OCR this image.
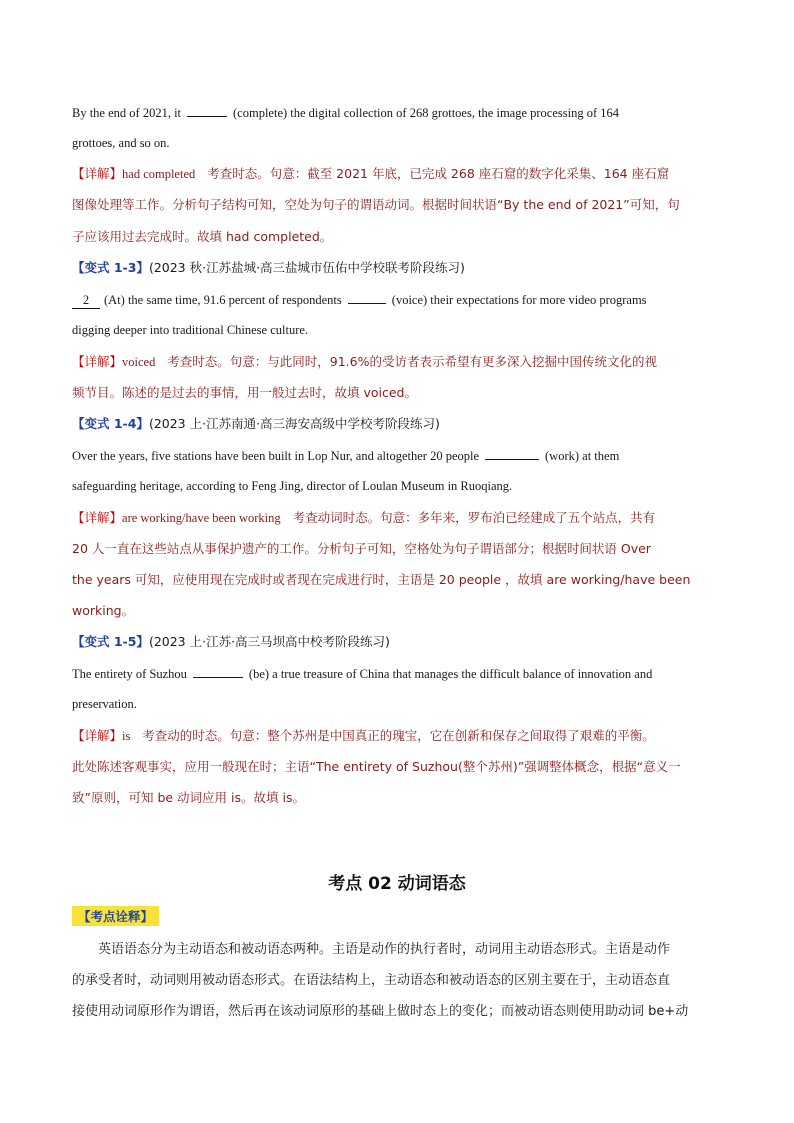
By the end of 2021, it	(complete) the digital collection of 268 grottoes, the image processing of 164
grottoes, and so on.
【详解】had completed 考查时态。句意：截至 2021 年底，已完成 268 座石窟的数字化采集、164 座石窟
图像处理等工作。分析句子结构可知，空处为句子的谓语动词。根据时间状语“By the end of 2021”可知，句
子应该用过去完成时。故填 had completed。
【变式 1-3】(2023 秋·江苏盐城·高三盐城市伍佑中学校联考阶段练习)
2 (At) the same time, 91.6 percent of respondents	(voice) their expectations for more video programs
digging deeper into traditional Chinese culture.
【详解】voiced 考查时态。句意：与此同时，91.6%的受访者表示希望有更多深入挖掘中国传统文化的视
频节目。陈述的是过去的事情，用一般过去时，故填 voiced。
【变式 1-4】(2023 上·江苏南通·高三海安高级中学校考阶段练习)
Over the years, five stations have been built in Lop Nur, and altogether 20 people	(work) at them
safeguarding heritage, according to Feng Jing, director of Loulan Museum in Ruoqiang.
【详解】are working/have been working 考查动词时态。句意：多年来，罗布泊已经建成了五个站点，共有
20 人一直在这些站点从事保护遗产的工作。分析句子可知，空格处为句子谓语部分；根据时间状语 Over
the years 可知，应使用现在完成时或者现在完成进行时，主语是 20 people ，故填 are working/have been
working。
【变式 1-5】(2023 上·江苏·高三马坝高中校考阶段练习)
The entirety of Suzhou	(be) a true treasure of China that manages the difficult balance of innovation and
preservation.
【详解】is 考查动的时态。句意：整个苏州是中国真正的瑰宝，它在创新和保存之间取得了艰难的平衡。
此处陈述客观事实，应用一般现在时；主语“The entirety of Suzhou(整个苏州)”强调整体概念，根据“意义一
致”原则，可知 be 动词应用 is。故填 is。
考点 02 动词语态
【考点诠释】
英语语态分为主动语态和被动语态两种。主语是动作的执行者时，动词用主动语态形式。主语是动作
的承受者时，动词则用被动语态形式。在语法结构上，主动语态和被动语态的区别主要在于，主动语态直
接使用动词原形作为谓语，然后再在该动词原形的基础上做时态上的变化；而被动语态则使用助动词 be+动
